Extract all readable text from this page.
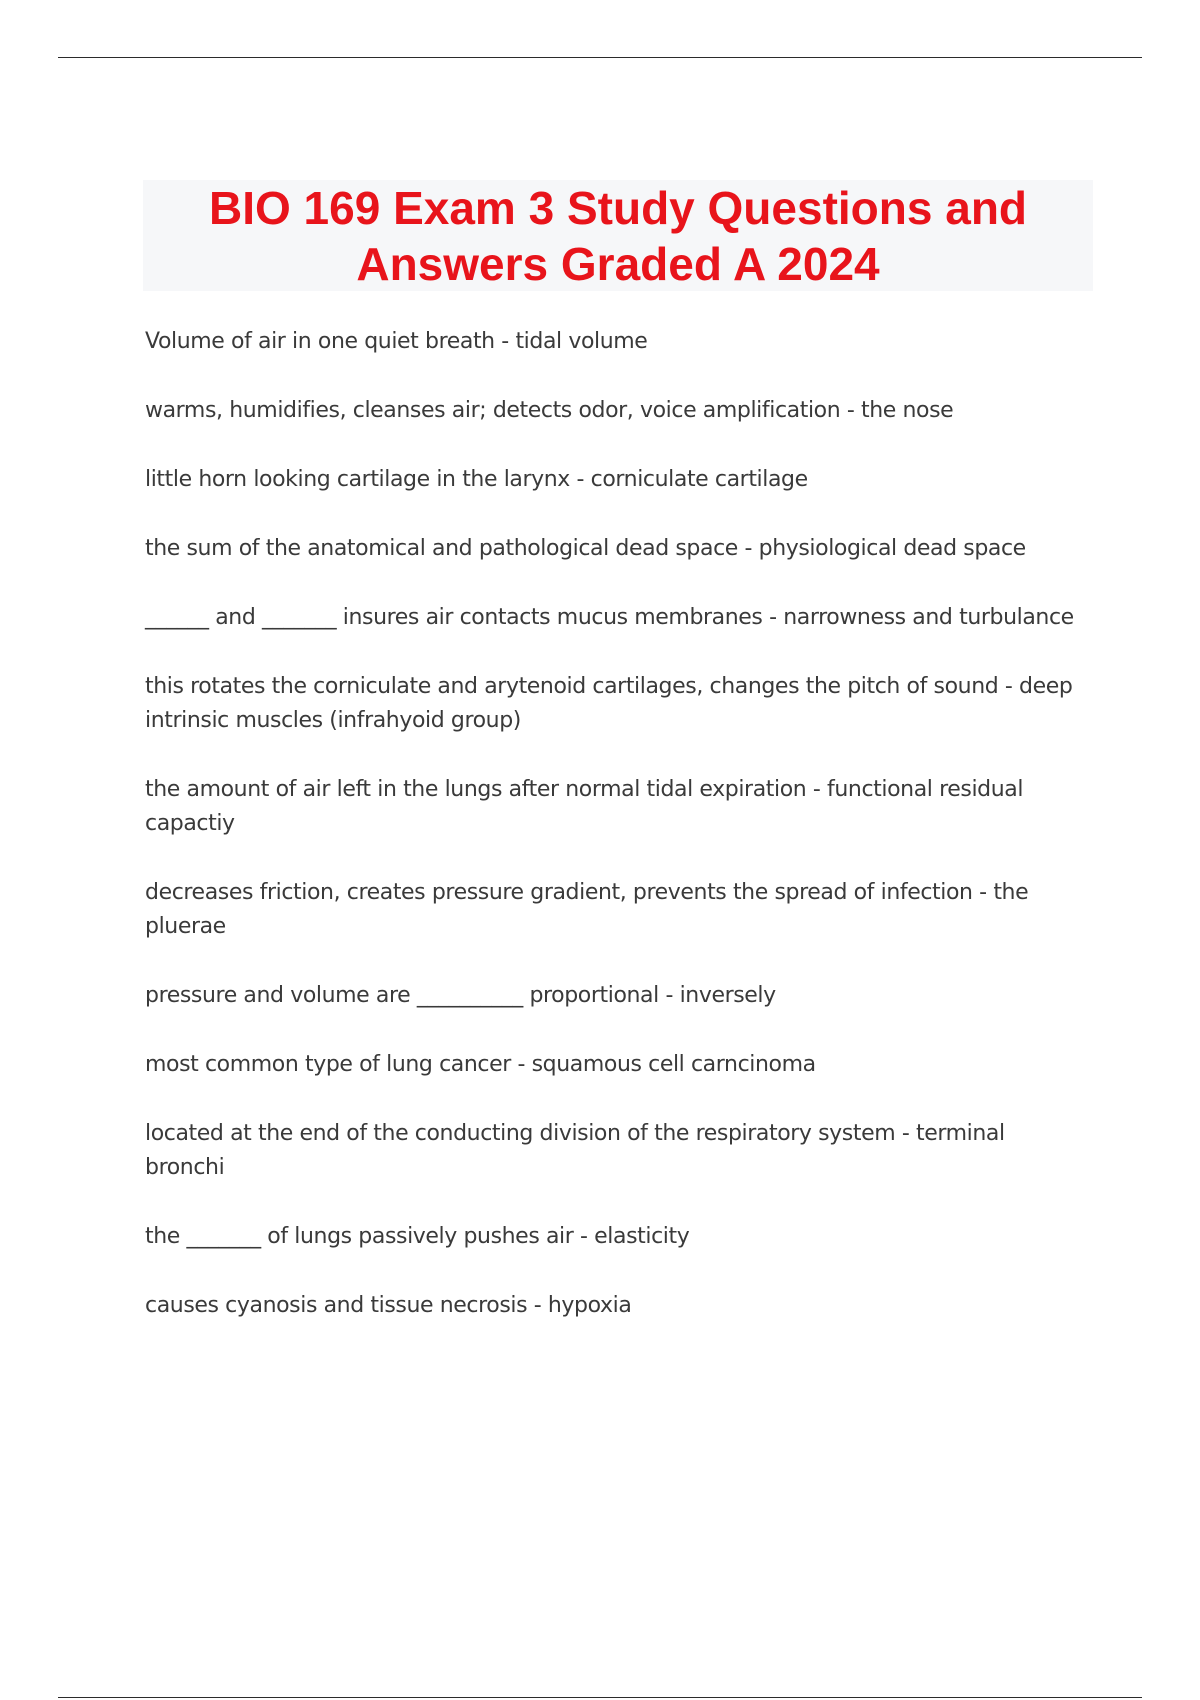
BIO 169 Exam 3 Study Questions and
Answers Graded A 2024
Volume of air in one quiet breath - tidal volume
warms, humidifies, cleanses air; detects odor, voice amplification - the nose
little horn looking cartilage in the larynx - corniculate cartilage
the sum of the anatomical and pathological dead space - physiological dead space
______ and _______ insures air contacts mucus membranes - narrowness and turbulance
this rotates the corniculate and arytenoid cartilages, changes the pitch of sound - deep intrinsic muscles (infrahyoid group)
the amount of air left in the lungs after normal tidal expiration - functional residual capactiy
decreases friction, creates pressure gradient, prevents the spread of infection - the pluerae
pressure and volume are __________ proportional - inversely
most common type of lung cancer - squamous cell carncinoma
located at the end of the conducting division of the respiratory system - terminal bronchi
the _______ of lungs passively pushes air - elasticity
causes cyanosis and tissue necrosis - hypoxia
